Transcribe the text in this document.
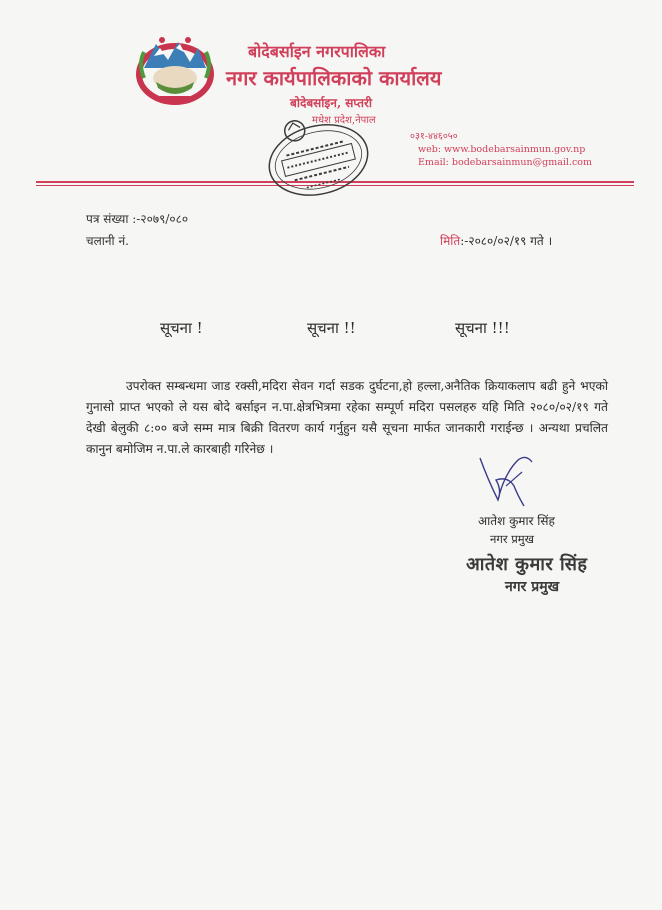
बोदेबर्साइन नगरपालिका
नगर कार्यपालिकाको कार्यालय
बोदेबर्साइन, सप्तरी
मधेश प्रदेश,नेपाल
०३१-४४६०५०
web: www.bodebarsainmun.gov.np
Email: bodebarsainmun@gmail.com
पत्र संख्या :-२०७९/०८०
चलानी नं.	मिति:-२०८०/०२/१९ गते ।
सूचना !	सूचना !!	सूचना !!!
उपरोक्त सम्बन्धमा जाड रक्सी,मदिरा सेवन गर्दा सडक दुर्घटना,हो हल्ला,अनैतिक क्रियाकलाप बढी हुने भएको गुनासो प्राप्त भएको ले यस बोदे बर्साइन न.पा.क्षेत्रभित्रमा रहेका सम्पूर्ण मदिरा पसलहरु यहि मिति २०८०/०२/१९ गते देखी बेलुकी ८:०० बजे सम्म मात्र बिक्री वितरण कार्य गर्नुहुन यसै सूचना मार्फत जानकारी गराईन्छ । अन्यथा प्रचलित कानुन बमोजिम न.पा.ले कारबाही गरिनेछ ।
आतेश कुमार सिंह
नगर प्रमुख
आतेश कुमार सिंह
नगर प्रमुख
